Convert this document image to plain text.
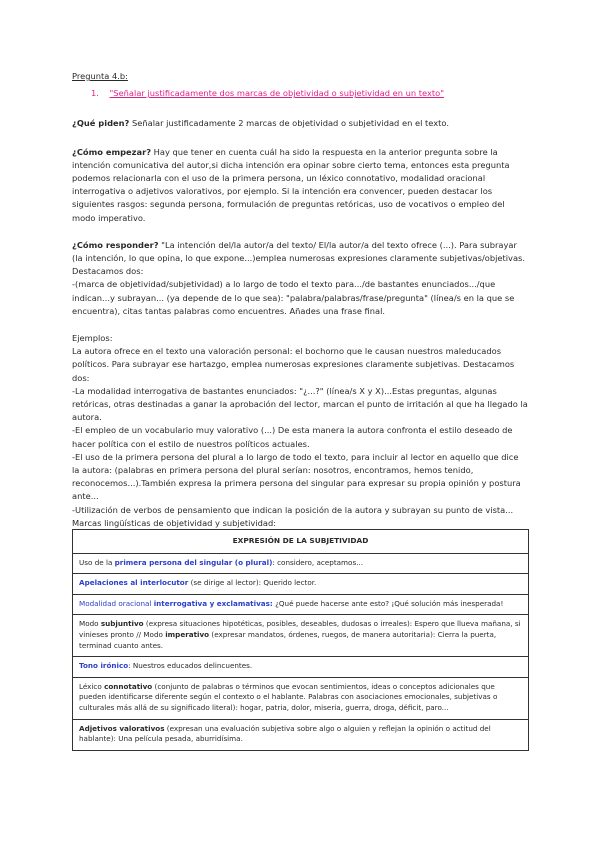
Pregunta 4.b:

1. "Señalar justificadamente dos marcas de objetividad o subjetividad en un texto"

¿Qué piden? Señalar justificadamente 2 marcas de objetividad o subjetividad en el texto.

¿Cómo empezar? Hay que tener en cuenta cuál ha sido la respuesta en la anterior pregunta sobre la intención comunicativa del autor,si dicha intención era opinar sobre cierto tema, entonces esta pregunta podemos relacionarla con el uso de la primera persona, un léxico connotativo, modalidad oracional interrogativa o adjetivos valorativos, por ejemplo. Si la intención era convencer, pueden destacar los siguientes rasgos: segunda persona, formulación de preguntas retóricas, uso de vocativos o empleo del modo imperativo.

¿Cómo responder? "La intención del/la autor/a del texto/ El/la autor/a del texto ofrece (...). Para subrayar (la intención, lo que opina, lo que expone...)emplea numerosas expresiones claramente subjetivas/objetivas.

Destacamos dos:

-(marca de objetividad/subjetividad) a lo largo de todo el texto para.../de bastantes enunciados.../que indican...y subrayan... (ya depende de lo que sea): "palabra/palabras/frase/pregunta" (línea/s en la que se encuentra), citas tantas palabras como encuentres. Añades una frase final.

Ejemplos:

La autora ofrece en el texto una valoración personal: el bochorno que le causan nuestros maleducados políticos. Para subrayar ese hartazgo, emplea numerosas expresiones claramente subjetivas. Destacamos dos:

-La modalidad interrogativa de bastantes enunciados: "¿...?" (línea/s X y X)...Estas preguntas, algunas retóricas, otras destinadas a ganar la aprobación del lector, marcan el punto de irritación al que ha llegado la autora.

-El empleo de un vocabulario muy valorativo (...) De esta manera la autora confronta el estilo deseado de hacer política con el estilo de nuestros políticos actuales.

-El uso de la primera persona del plural a lo largo de todo el texto, para incluir al lector en aquello que dice la autora: (palabras en primera persona del plural serían: nosotros, encontramos, hemos tenido, reconocemos...).También expresa la primera persona del singular para expresar su propia opinión y postura ante...

-Utilización de verbos de pensamiento que indican la posición de la autora y subrayan su punto de vista...

Marcas lingüísticas de objetividad y subjetividad:

EXPRESIÓN DE LA SUBJETIVIDAD
Uso de la primera persona del singular (o plural): considero, aceptamos...
Apelaciones al interlocutor (se dirige al lector): Querido lector.
Modalidad oracional interrogativa y exclamativas: ¿Qué puede hacerse ante esto? ¡Qué solución más inesperada!
Modo subjuntivo (expresa situaciones hipotéticas, posibles, deseables, dudosas o irreales): Espero que llueva mañana, si vinieses pronto // Modo imperativo (expresar mandatos, órdenes, ruegos, de manera autoritaria): Cierra la puerta, terminad cuanto antes.
Tono irónico: Nuestros educados delincuentes.
Léxico connotativo (conjunto de palabras o términos que evocan sentimientos, ideas o conceptos adicionales que pueden identificarse diferente según el contexto o el hablante. Palabras con asociaciones emocionales, subjetivas o culturales más allá de su significado literal): hogar, patria, dolor, miseria, guerra, droga, déficit, paro...
Adjetivos valorativos (expresan una evaluación subjetiva sobre algo o alguien y reflejan la opinión o actitud del hablante): Una película pesada, aburridísima.
